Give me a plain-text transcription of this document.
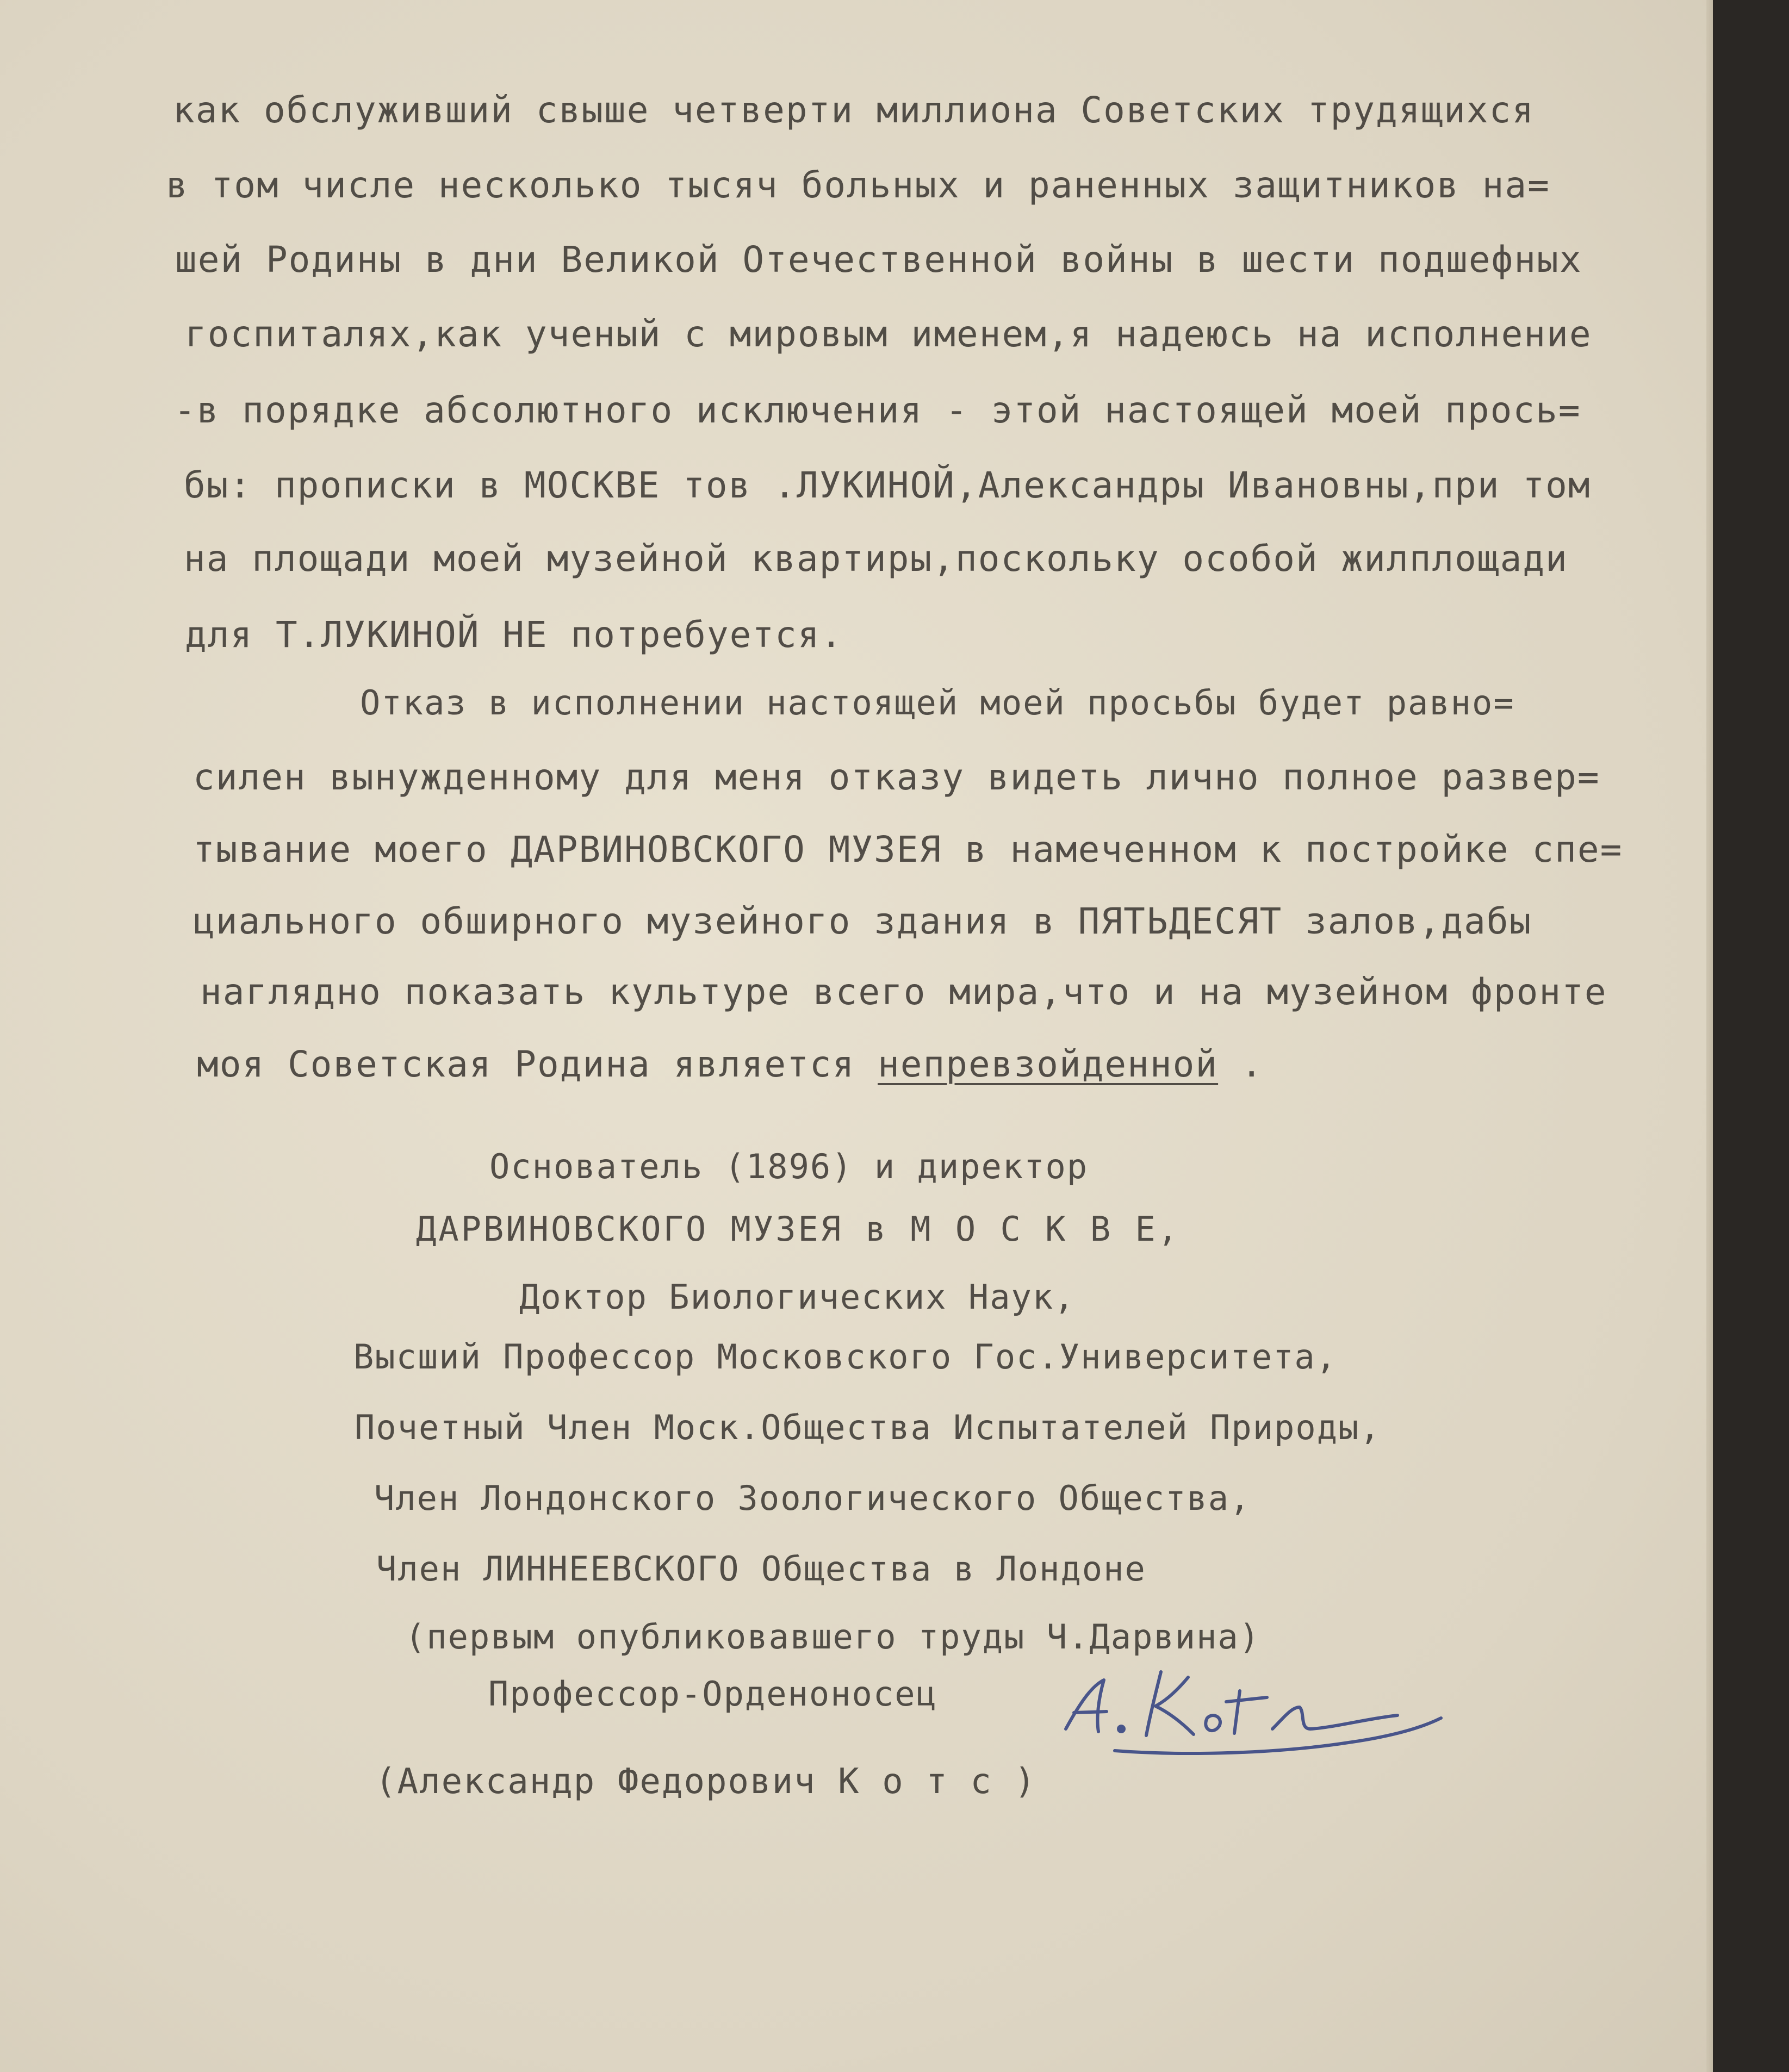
как обслуживший свыше четверти миллиона Советских трудящихся
в том числе несколько тысяч больных и раненных защитников на=
шей Родины в дни Великой Отечественной войны в шести подшефных
госпиталях,как ученый с мировым именем,я надеюсь на исполнение
-в порядке абсолютного исключения - этой настоящей моей прось=
бы: прописки в МОСКВЕ тов .ЛУКИНОЙ,Александры Ивановны,при том
на площади моей музейной квартиры,поскольку особой жилплощади
для Т.ЛУКИНОЙ НЕ потребуется.
Отказ в исполнении настоящей моей просьбы будет равно=
силен вынужденному для меня отказу видеть лично полное развер=
тывание моего ДАРВИНОВСКОГО МУЗЕЯ в намеченном к постройке спе=
циального обширного музейного здания в ПЯТЬДЕСЯТ залов,дабы
наглядно показать культуре всего мира,что и на музейном фронте
моя Советская Родина является непревзойденной .
Основатель (1896) и директор
ДАРВИНОВСКОГО МУЗЕЯ в М О С К В Е,
Доктор Биологических Наук,
Высший Профессор Московского Гос.Университета,
Почетный Член Моск.Общества Испытателей Природы,
Член Лондонского Зоологического Общества,
Член ЛИННЕЕВСКОГО Общества в Лондоне
(первым опубликовавшего труды Ч.Дарвина)
Профессор-Орденоносец
(Александр Федорович К о т с )
